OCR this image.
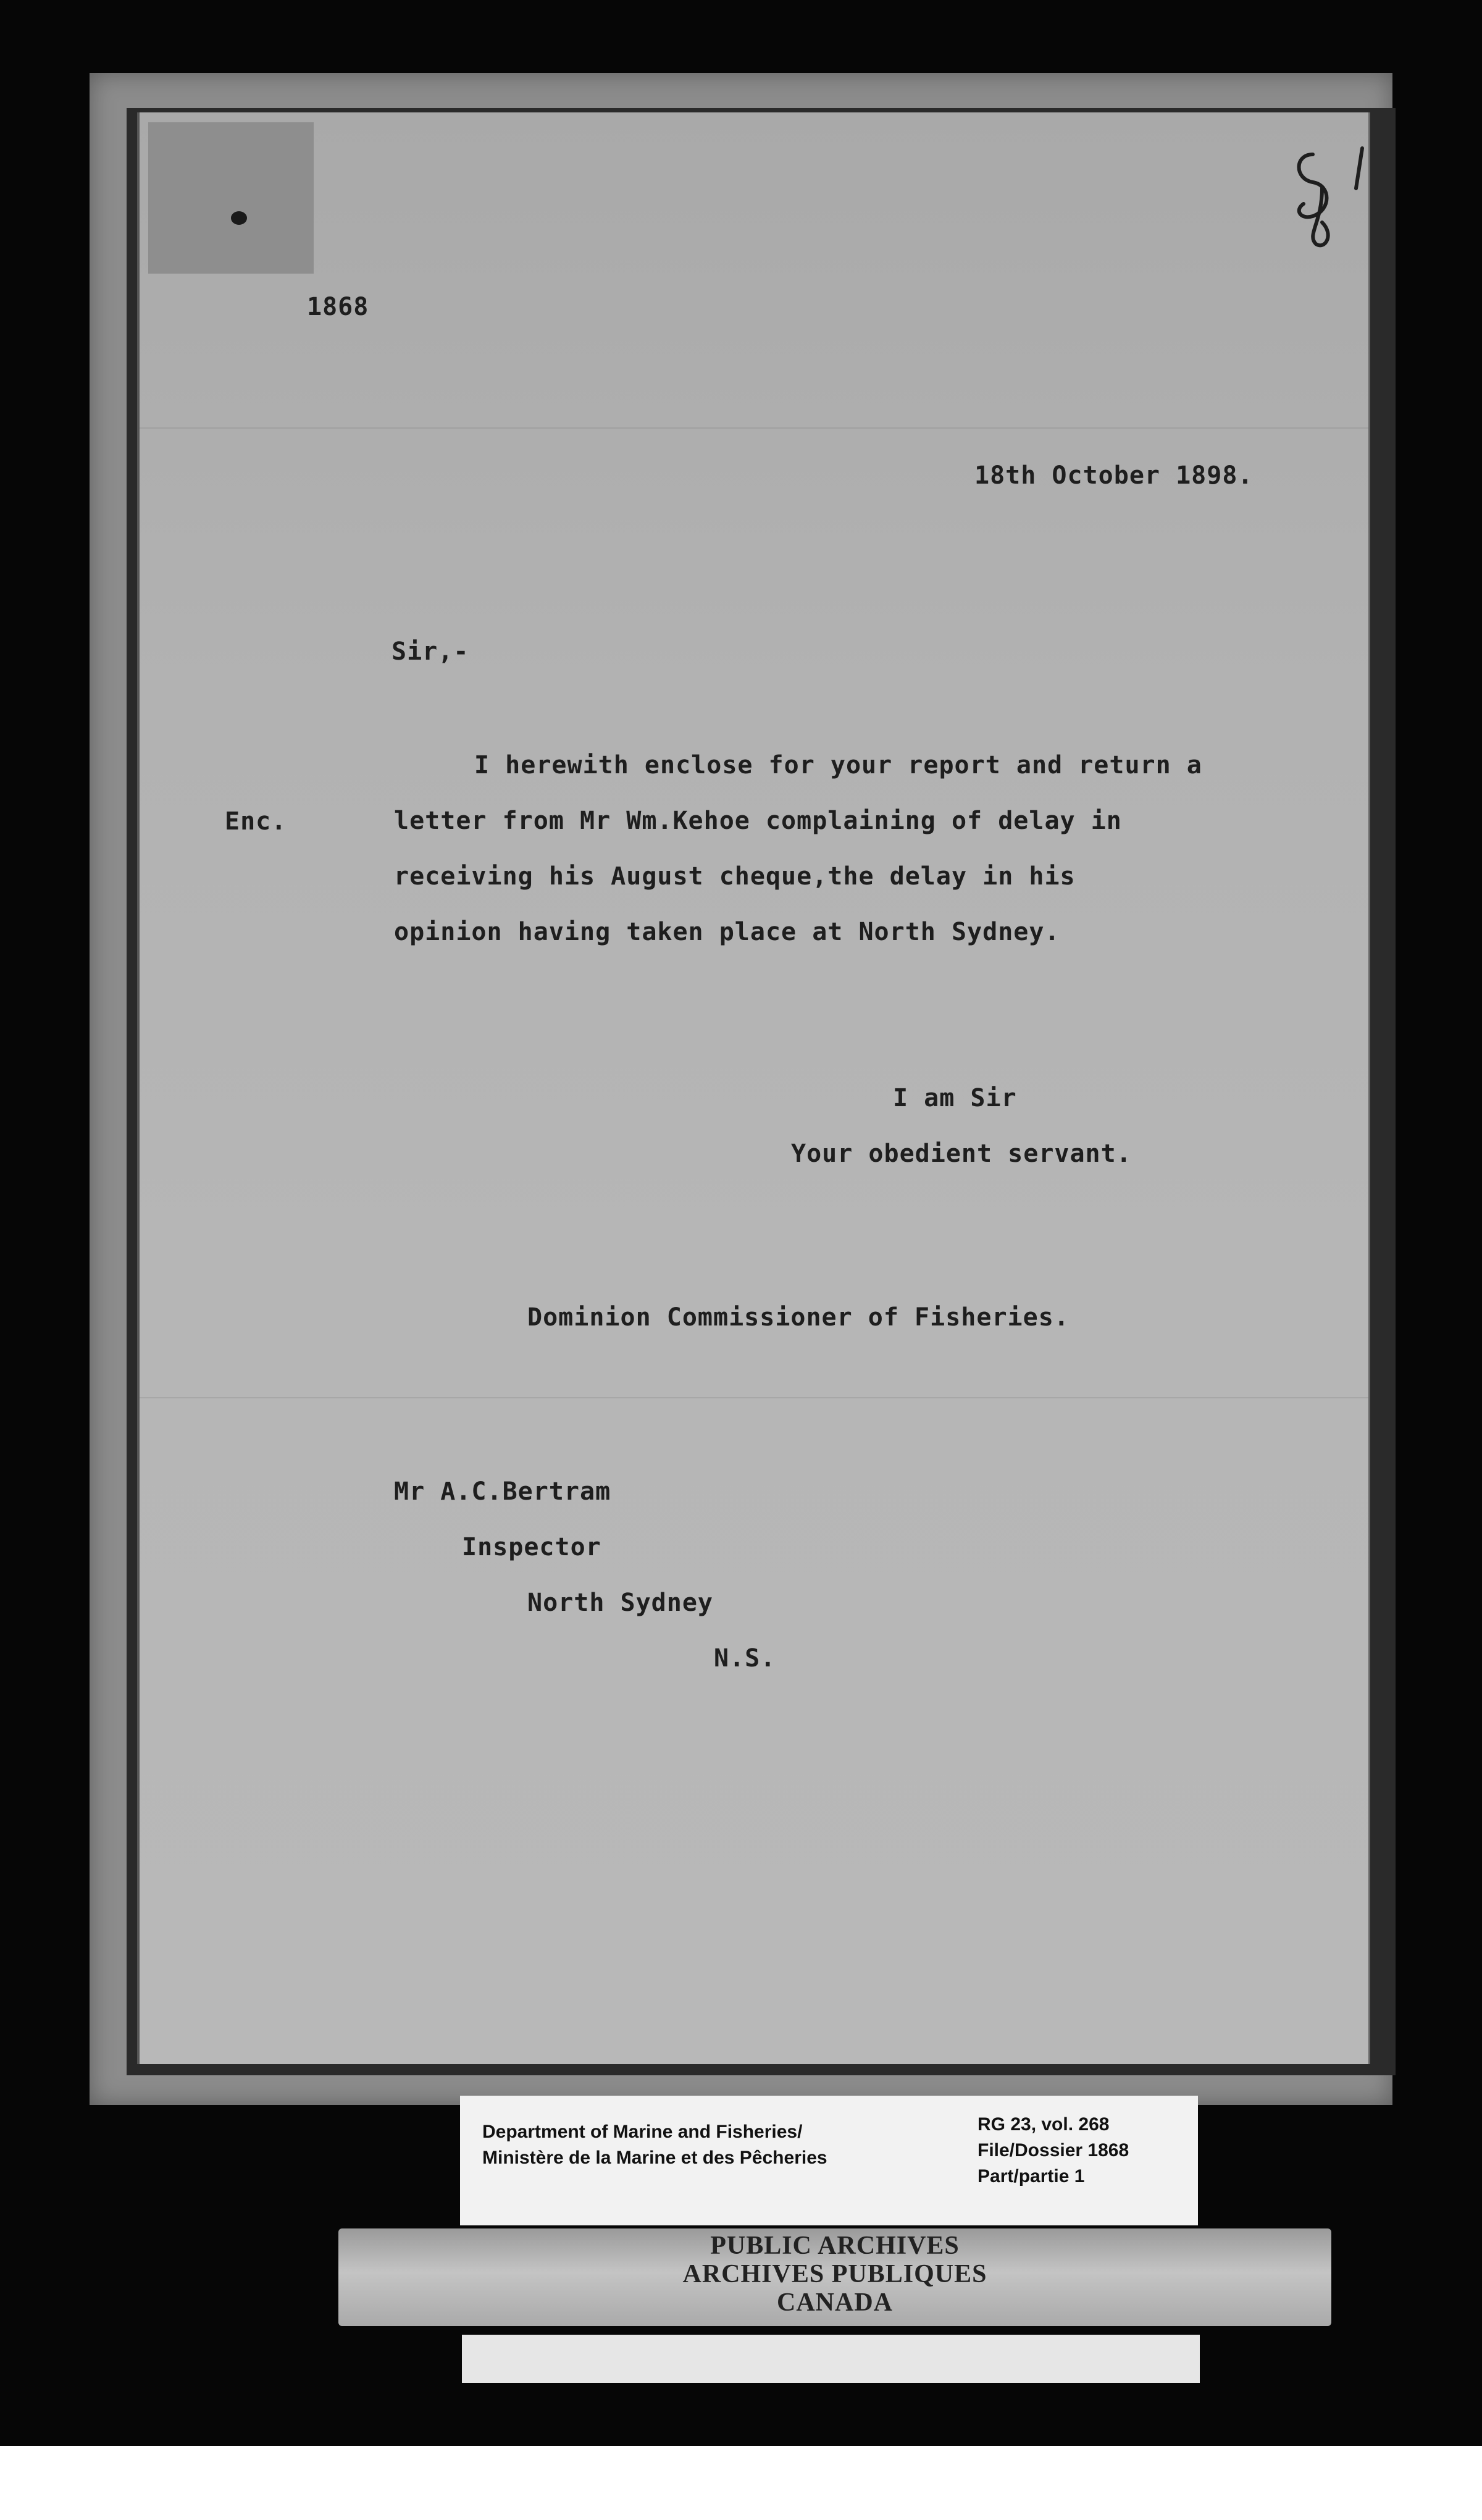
1868
18th October 1898.
Sir,-
Enc.
I herewith enclose for your report and return a
letter from Mr Wm.Kehoe complaining of delay in
receiving his August cheque,the delay in his
opinion having taken place at North Sydney.
I am Sir
Your obedient servant.
Dominion Commissioner of Fisheries.
Mr A.C.Bertram
Inspector
North Sydney
N.S.
Department of Marine and Fisheries/
Ministère de la Marine et des Pêcheries
RG 23, vol. 268
File/Dossier 1868
Part/partie 1
PUBLIC ARCHIVES
ARCHIVES PUBLIQUES
CANADA
